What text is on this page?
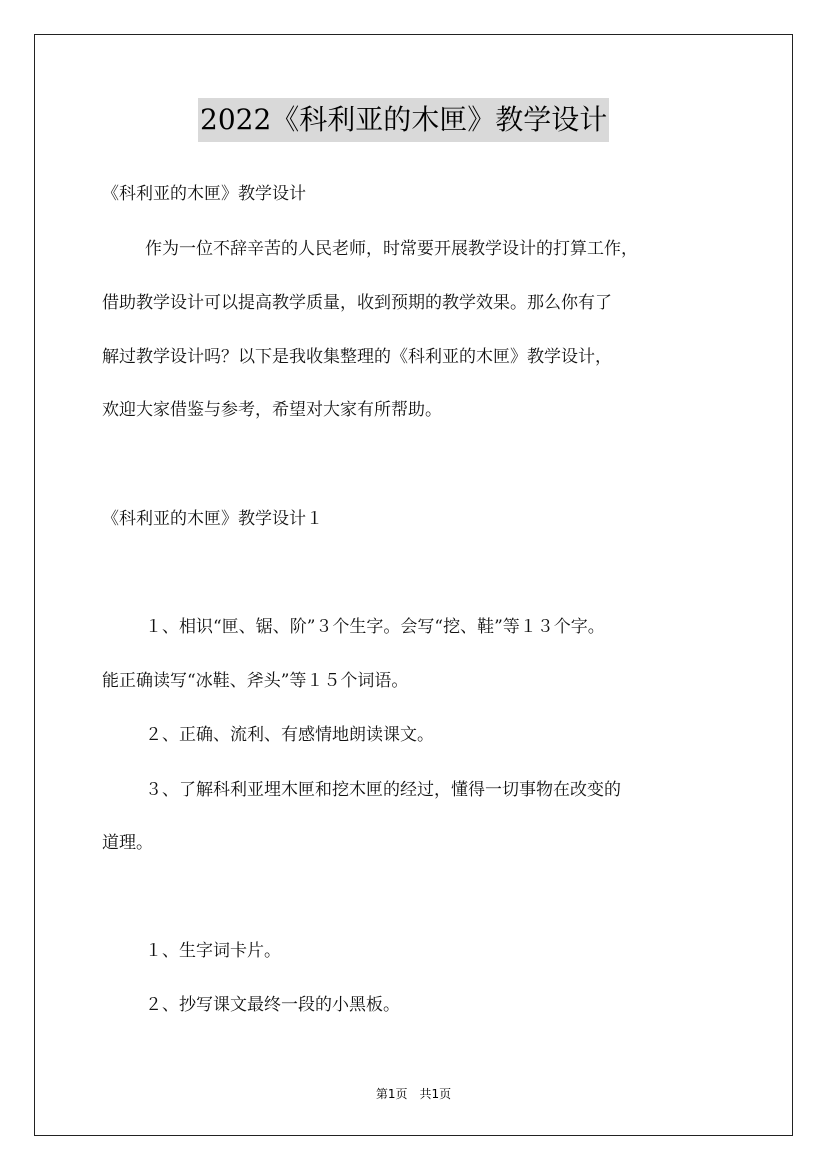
2022《科利亚的木匣》教学设计
《科利亚的木匣》教学设计
作为一位不辞辛苦的人民老师，时常要开展教学设计的打算工作，
借助教学设计可以提高教学质量，收到预期的教学效果。那么你有了
解过教学设计吗？以下是我收集整理的《科利亚的木匣》教学设计，
欢迎大家借鉴与参考，希望对大家有所帮助。
《科利亚的木匣》教学设计１
１、相识“匣、锯、阶”３个生字。会写“挖、鞋”等１３个字。
能正确读写“冰鞋、斧头”等１５个词语。
２、正确、流利、有感情地朗读课文。
３、了解科利亚埋木匣和挖木匣的经过，懂得一切事物在改变的
道理。
１、生字词卡片。
２、抄写课文最终一段的小黑板。
第1页　共1页
